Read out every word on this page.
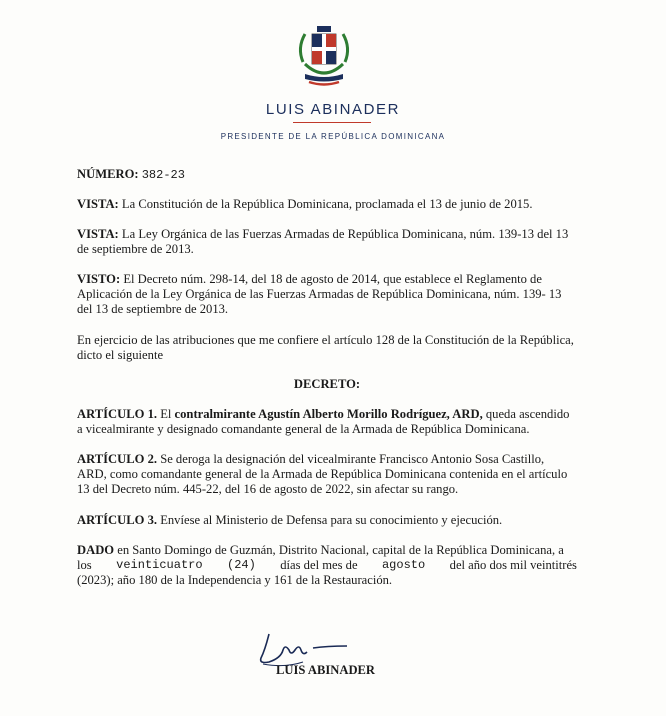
LUIS ABINADER
PRESIDENTE DE LA REPÚBLICA DOMINICANA
NÚMERO: 382-23
VISTA: La Constitución de la República Dominicana, proclamada el 13 de junio de 2015.
VISTA: La Ley Orgánica de las Fuerzas Armadas de República Dominicana, núm. 139-13 del 13
de septiembre de 2013.
VISTO: El Decreto núm. 298-14, del 18 de agosto de 2014, que establece el Reglamento de
Aplicación de la Ley Orgánica de las Fuerzas Armadas de República Dominicana, núm. 139- 13
del 13 de septiembre de 2013.
En ejercicio de las atribuciones que me confiere el artículo 128 de la Constitución de la República,
dicto el siguiente
DECRETO:
ARTÍCULO 1. El contralmirante Agustín Alberto Morillo Rodríguez, ARD, queda ascendido
a vicealmirante y designado comandante general de la Armada de República Dominicana.
ARTÍCULO 2. Se deroga la designación del vicealmirante Francisco Antonio Sosa Castillo,
ARD, como comandante general de la Armada de República Dominicana contenida en el artículo
13 del Decreto núm. 445-22, del 16 de agosto de 2022, sin afectar su rango.
ARTÍCULO 3. Envíese al Ministerio de Defensa para su conocimiento y ejecución.
DADO en Santo Domingo de Guzmán, Distrito Nacional, capital de la República Dominicana, a
los veinticuatro (24) días del mes de agosto del año dos mil veintitrés
(2023); año 180 de la Independencia y 161 de la Restauración.
LUIS ABINADER
